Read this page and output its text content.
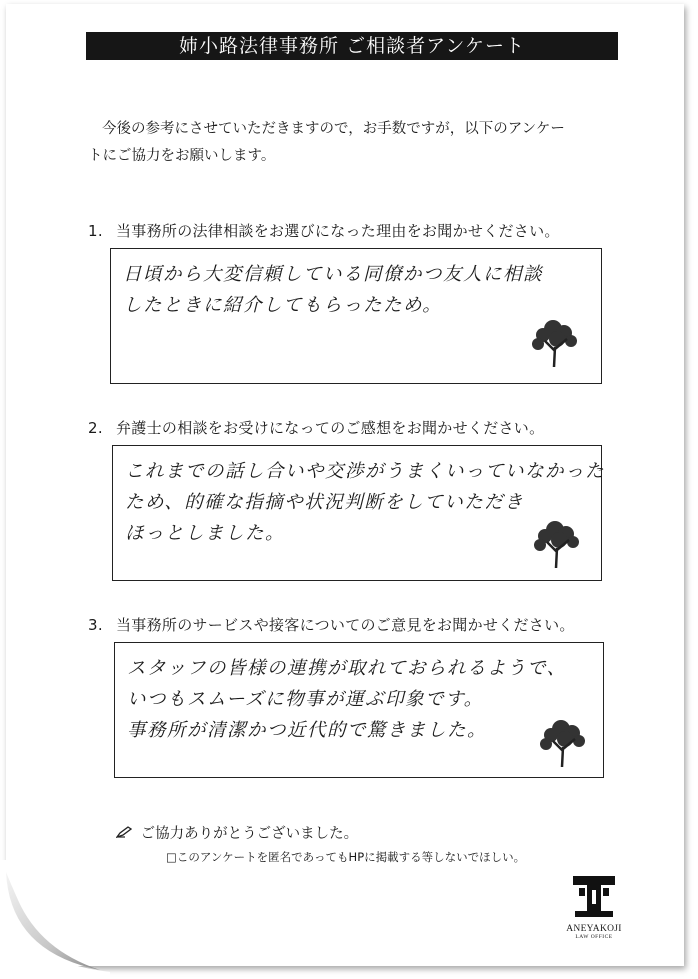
姉小路法律事務所 ご相談者アンケート
今後の参考にさせていただきますので，お手数ですが，以下のアンケー
トにご協力をお願いします。
1. 当事務所の法律相談をお選びになった理由をお聞かせください。
日頃から大変信頼している同僚かつ友人に相談
したときに紹介してもらったため。
2. 弁護士の相談をお受けになってのご感想をお聞かせください。
これまでの話し合いや交渉がうまくいっていなかった
ため、的確な指摘や状況判断をしていただき
ほっとしました。
3. 当事務所のサービスや接客についてのご意見をお聞かせください。
スタッフの皆様の連携が取れておられるようで、
いつもスムーズに物事が運ぶ印象です。
事務所が清潔かつ近代的で驚きました。
ご協力ありがとうございました。
□このアンケートを匿名であってもHPに掲載する等しないでほしい。
ANEYAKOJI
LAW OFFICE
